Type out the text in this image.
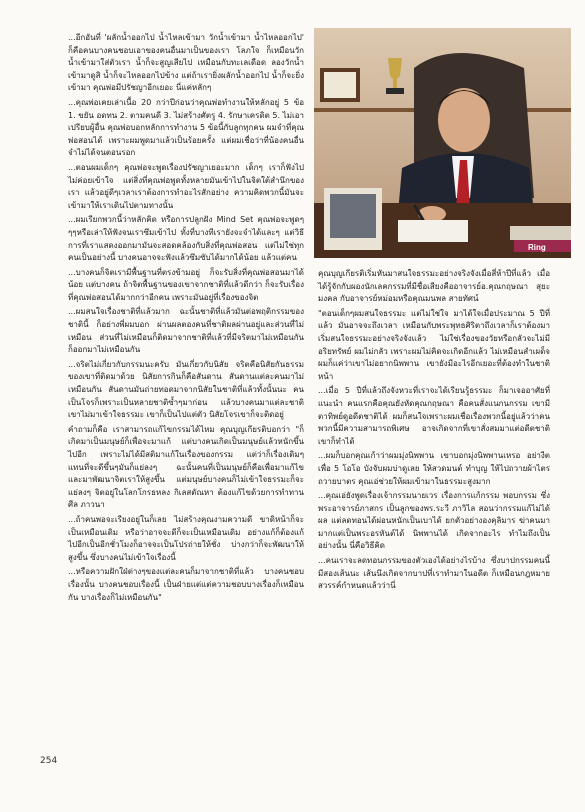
...อีกอันที่ 'ผลักน้ำออกไป น้ำไหลเข้ามา วักน้ำเข้ามา น้ำไหลออกไป' ก็คือคนบางคนชอบเอาของคนอื่นมาเป็นของเรา โลภใจ ก็เหมือนวักน้ำเข้ามาใส่ตัวเรา น้ำก็จะสูญเสียไป เหมือนกับทะเลเดือด ลองวักน้ำเข้ามาดูสิ น้ำก็จะไหลออกไปข้าง แต่ถ้าเรายิ่งผลักน้ำออกไป น้ำก็จะยิ่งเข้ามา คุณพ่อมีปรัชญาอีกเยอะ นี่แค่หลักๆ

...คุณพ่อเคยเล่าเนื้อ 20 กว่าปีก่อนว่าคุณพ่อทำงานให้หลักอยู่ 5 ข้อ 1. ขยัน อดทน 2. ตามคนดี 3. ไม่สร้างศัตรู 4. รักษาเครดิต 5. ไม่เอาเปรียบผู้อื่น คุณพ่อบอกหลักการทำงาน 5 ข้อนี้กับลูกทุกคน ผมจำที่คุณพ่อสอนได้ เพราะผมพูดมาแล้วเป็นร้อยครั้ง แต่ผมเชื่อว่าที่น้องคนอื่นจำไม่ได้จนตอนรอก

...ตอนผมเด็กๆ คุณพ่อจะพูดเรื่องปรัชญาเยอะมาก เด็กๆ เราก็ฟังไป ไม่ค่อยเข้าใจ แต่สิ่งที่คุณพ่อพูดทั้งหลายมันเข้าไปในจิตใต้สำนึกของเรา แล้วอยู่ดีๆเวลาเราต้องการทำอะไรสักอย่าง ความคิดพวกนี้มันจะเข้ามาให้เราเดินไปตามทางนั้น

...ผมเรียกพวกนี้ว่าหลักคิด หรือการปลูกฝัง Mind Set คุณพ่อจะพูดๆๆๆหรือเล่าให้ฟังจนเราซึมเข้าไป ทั้งที่บางทีเรายังจะจำได้และๆ แต่วิธีการที่เราแสดงออกมามันจะสอดคล้องกับสิ่งที่คุณพ่อสอน แต่ไม่ใช่ทุกคนเป็นอย่างนี้ บางคนอาจจะฟังแล้วซึมซับได้มากได้น้อย แล้วแต่คน

...บางคนก็จิตเรามีพื้นฐานที่ตรงข้ามอยู่ ก็จะรับสิ่งที่คุณพ่อสอนมาได้น้อย แต่บางคน ถ้าจิตพื้นฐานของเขาจากชาติที่แล้วดีกว่า ก็จะรับเรื่องที่คุณพ่อสอนได้มากกว่าอีกคน เพราะมันอยู่ที่เรื่องของจิต

...ผมสนใจเรื่องชาติที่แล้วมาก ฉะนั้นชาติที่แล้วมันต่อพฤติกรรมของชาตินี้ ก็อย่างพี่ผมบอก ผ่านผลตองคนที่ชาติผลผ่านอยู่และส่วนที่ไม่เหมือน ส่วนที่ไม่เหมือนก็ติดมาจากชาติที่แล้วที่มีจริตมาไม่เหมือนกัน ก็ออกมาไม่เหมือนกัน

...จริตไม่เกี่ยวกับกรรมนะครับ มันเกี่ยวกับนิสัย จริตคือนิสัยกันธรรมของเขาที่ติดมาด้วย นิสัยการกินก็คือสันดาน สันดานแต่ละคนมาไม่เหมือนกัน สันดานมันถ่ายทอดมาจากนิสัยในชาติที่แล้วทั้งนั้นนะ คนเป็นโจรก็เพราะเป็นหลายชาติซ้ำๆมาก่อน แล้วบางคนมาแต่ละชาติ เขาไม่มาเข้าใจธรรมะ เขาก็เป็นไปแต่ตัว นิสัยโจรเขาก็จะติดอยู่

คำถามก็คือ เราสามารถแก้ไขกรรมได้ไหม คุณบุญเกียรติบอกว่า "ก็เกิดมาเป็นมนุษย์ก็เพื่อจะมาแก้ แต่บางคนเกิดเป็นมนุษย์แล้วหนักขึ้นไปอีก เพราะไม่ได้มีสติมาแก้ในเรื่องของกรรม แต่ว่าก็เรื่องเดิมๆ แทนที่จะดีขึ้นๆมันก็แย่ลงๆ ฉะนั้นคนที่เป็นมนุษย์ก็คือเพื่อมาแก้ไข และมาพัฒนาจิตเราให้สูงขึ้น แต่มนุษย์บางคนก็ไม่เข้าใจธรรมะก็จะแย่ลงๆ จิตอยู่ในโลกโกรธหลง กิเลสตัณหา ต้องแก้ไขด้วยการทำทาน ศีล ภาวนา

...ถ้าคนพอจะเรียงอยู่ในก็เลย ไม่สร้างคุณงามความดี ขาดิหน้าก็จะเป็นเหมือนเดิม หรือว่าอาจจะดีก็จะเป็นเหมือนเดิม อย่างแก้ก็ต้องแก้ไปอีกเป็นอีกชั่วโมงก็อาจจะเป็นโปรถ่ายให้ชั่ง บ่างกว่าก็จะพัฒนาให้สูงขึ้น ซึ่งบางคนไม่เข้าใจเรื่องนี้

...หรือความฝักใฝ่ต่างๆของแต่ละคนก็มาจากชาติที่แล้ว บางคนชอบเรื่องนั้น บางคนชอบเรื่องนี้ เป็นฝ่ายแต่แต่ความชอบบางเรื่องก็เหมือนกัน บางเรื่องก็ไม่เหมือนกัน"

Ring

คุณบุญเกียรติเริ่มหันมาสนใจธรรมะอย่างจริงจังเมื่อสี่ห้าปีที่แล้ว เมื่อได้รู้จักกับผองนักเลคกรรมที่มีชื่อเสียงคืออาจารย์อ.คุณกฤษณา สุยะมงคล กับอาจารย์หม่อมหรือคุณมนพล สายทัศน์

"ตอนเด็กๆผมสนใจธรรมะ แต่ไม่ใช่ใจ มาได้ใจเมื่อประมาณ 5 ปีที่แล้ว มันอาจจะถึงเวลา เหมือนกับพระพุทธศิริตาถึงเวลาก็เราต้องมาเริ่มสนใจธรรมะอย่างจริงจังแล้ว ไม่ใช่เรื่องของวัยหรือกลัวจะไม่มีอริยทรัพย์ ผมไม่กลัว เพราะผมไม่คิดจะเกิดอีกแล้ว ไม่เหมือนสำเผด็จผมก็แค่ว่าเขาไม่อยากนิพพาน เขายังมีอะไรอีกเยอะที่ต้องทำในชาติหน้า

...เมื่อ 5 ปีที่แล้วถึงจังหวะที่เราจะได้เรียนรู้ธรรมะ ก็มาเจออาศัยที่แนะนำ คนแรกคือคุณยังหัดคุณกฤษณา คือคนสั่งแนกนกรรม เขามีตาทิพย์ดูอดีตชาติได้ ผมก็สนใจเพราะผมเชื่อเรื่องพวกนี้อยู่แล้วว่าคนพวกนี้มีความสามารถพิเศษ อาจเกิดจากที่เขาสั่งสมมาแต่อดีตชาติเขาก็ทำได้

...ผมก็บอกคุณเก้าว่าผมมุ่งนิพพาน เขาบอกมุ่งนิพพานเหรอ อย่างีตเพื่อ 5 โอโอ บังจับผมบ่าดูเลย ให้สวดมนต์ ทำบุญ ให้ไปถวายผ้าไตร ถวายบาตร คุณเอ่ช่วยให้ผมเข้ามาในธรรมะสูงมาก

...คุณเอ่ยังพูดเรื่องเจ้ากรรมนายเวร เรื่องการแก้กรรม พอบกรรม ซึ่งพระอาจารย์ภาสกร เป็นลูกของพร.ระวี ภาวิไล สอนว่ากรรมแก้ไม่ได้ผล แต่ลดทอนได้ผ่อนหนักเป็นเบาได้ ยกตัวอย่างองคุลิมาร ฆ่าคนมามากแต่เป็นพระอรหันต์ได้ นิพพานได้ เกิดจากอะไร ทำไมถึงเป็นอย่างนั้น นี่คือวิธีคิด

...คนเราจะลดทอนกรรมของตัวเองได้อย่างไรบ้าง ซึ่งบาปกรรมคนนี้มีสองเส้นนะ เส้นนึงเกิดจากบาปที่เราทำมาในอดีต ก็เหมือนกฎหมาย สวรรค์กำหนดแล้วว่านี่

254
